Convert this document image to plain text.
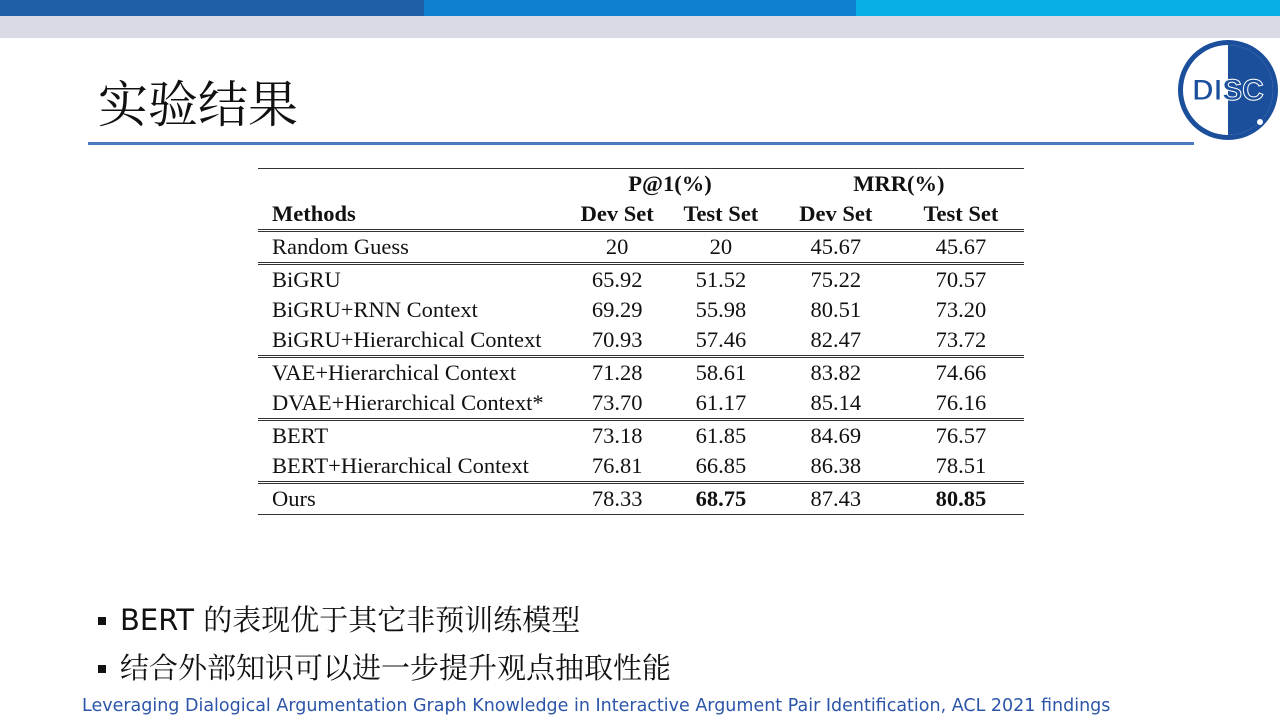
实验结果	DISC
	P@1(%)		MRR(%)	
Methods	Dev Set	Test Set	Dev Set	Test Set
Random Guess	20	20	45.67	45.67
BiGRU	65.92	51.52	75.22	70.57
BiGRU+RNN Context	69.29	55.98	80.51	73.20
BiGRU+Hierarchical Context	70.93	57.46	82.47	73.72
VAE+Hierarchical Context	71.28	58.61	83.82	74.66
DVAE+Hierarchical Context*	73.70	61.17	85.14	76.16
BERT	73.18	61.85	84.69	76.57
BERT+Hierarchical Context	76.81	66.85	86.38	78.51
Ours	78.33	68.75	87.43	80.85
BERT 的表现优于其它非预训练模型
结合外部知识可以进一步提升观点抽取性能
Leveraging Dialogical Argumentation Graph Knowledge in Interactive Argument Pair Identification, ACL 2021 findings
